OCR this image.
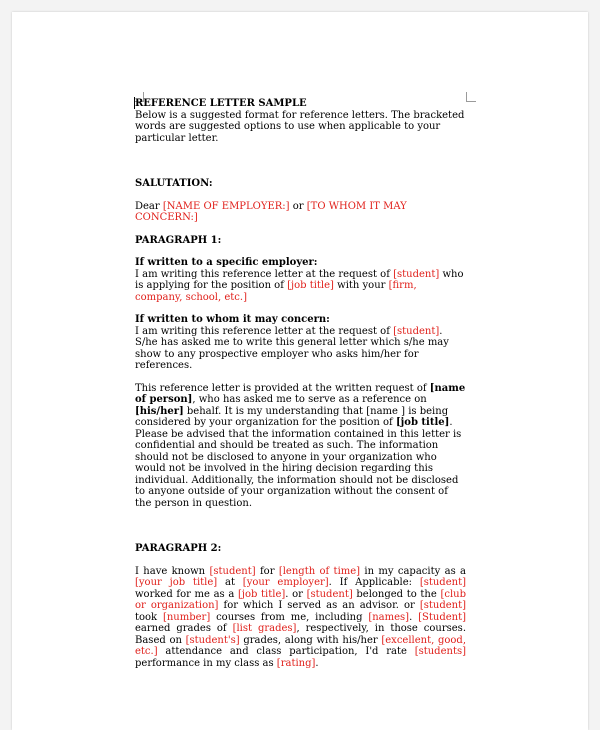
REFERENCE LETTER SAMPLE

Below is a suggested format for reference letters. The bracketed words are suggested options to use when applicable to your particular letter.

SALUTATION:

Dear [NAME OF EMPLOYER:] or [TO WHOM IT MAY CONCERN:]

PARAGRAPH 1:

If written to a specific employer:

I am writing this reference letter at the request of [student] who is applying for the position of [job title] with your [firm, company, school, etc.]

If written to whom it may concern:

I am writing this reference letter at the request of [student]. S/he has asked me to write this general letter which s/he may show to any prospective employer who asks him/her for references.

This reference letter is provided at the written request of [name of person], who has asked me to serve as a reference on [his/her] behalf. It is my understanding that [name ] is being considered by your organization for the position of [job title]. Please be advised that the information contained in this letter is confidential and should be treated as such. The information should not be disclosed to anyone in your organization who would not be involved in the hiring decision regarding this individual. Additionally, the information should not be disclosed to anyone outside of your organization without the consent of the person in question.

PARAGRAPH 2:

I have known [student] for [length of time] in my capacity as a [your job title] at [your employer]. If Applicable: [student] worked for me as a [job title]. or [student] belonged to the [club or organization] for which I served as an advisor. or [student] took [number] courses from me, including [names]. [Student] earned grades of [list grades], respectively, in those courses. Based on [student's] grades, along with his/her [excellent, good, etc.] attendance and class participation, I'd rate [students] performance in my class as [rating].
